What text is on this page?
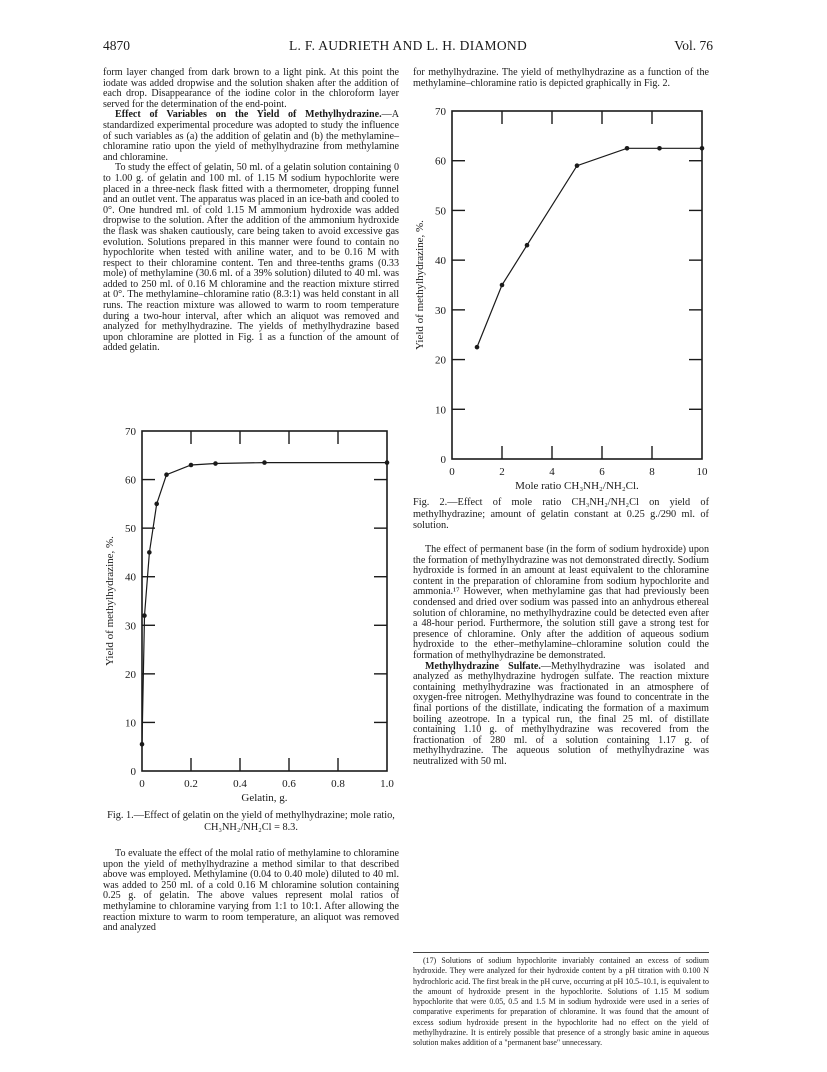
4870	L. F. AUDRIETH AND L. H. DIAMOND	Vol. 76

form layer changed from dark brown to a light pink. At this point the iodate was added dropwise and the solution shaken after the addition of each drop. Disappearance of the iodine color in the chloroform layer served for the determination of the end-point.

Effect of Variables on the Yield of Methylhydrazine.—A standardized experimental procedure was adopted to study the influence of such variables as (a) the addition of gelatin and (b) the methylamine–chloramine ratio upon the yield of methylhydrazine from methylamine and chloramine.

To study the effect of gelatin, 50 ml. of a gelatin solution containing 0 to 1.00 g. of gelatin and 100 ml. of 1.15 M sodium hypochlorite were placed in a three-neck flask fitted with a thermometer, dropping funnel and an outlet vent. The apparatus was placed in an ice-bath and cooled to 0°. One hundred ml. of cold 1.15 M ammonium hydroxide was added dropwise to the solution. After the addition of the ammonium hydroxide the flask was shaken cautiously, care being taken to avoid excessive gas evolution. Solutions prepared in this manner were found to contain no hypochlorite when tested with aniline water, and to be 0.16 M with respect to their chloramine content. Ten and three-tenths grams (0.33 mole) of methylamine (30.6 ml. of a 39% solution) diluted to 40 ml. was added to 250 ml. of 0.16 M chloramine and the reaction mixture stirred at 0°. The methylamine–chloramine ratio (8.3:1) was held constant in all runs. The reaction mixture was allowed to warm to room temperature during a two-hour interval, after which an aliquot was removed and analyzed for methylhydrazine. The yields of methylhydrazine based upon chloramine are plotted in Fig. 1 as a function of the amount of added gelatin.

0	0.2	0.4	0.6	0.8	1.0
0
10
20
30
40
50
60
70
Gelatin, g.
Yield of methylhydrazine, %.
Fig. 1.—Effect of gelatin on the yield of methylhydrazine; mole ratio, CH₃NH₂/NH₂Cl = 8.3.

To evaluate the effect of the molal ratio of methylamine to chloramine upon the yield of methylhydrazine a method similar to that described above was employed. Methylamine (0.04 to 0.40 mole) diluted to 40 ml. was added to 250 ml. of a cold 0.16 M chloramine solution containing 0.25 g. of gelatin. The above values represent molal ratios of methylamine to chloramine varying from 1:1 to 10:1. After allowing the reaction mixture to warm to room temperature, an aliquot was removed and analyzed

for methylhydrazine. The yield of methylhydrazine as a function of the methylamine–chloramine ratio is depicted graphically in Fig. 2.

0	2	4	6	8	10
0
10
20
30
40
50
60
70
Mole ratio CH₃NH₂/NH₂Cl.
Yield of methylhydrazine, %.
Fig. 2.—Effect of mole ratio CH₃NH₂/NH₂Cl on yield of methylhydrazine; amount of gelatin constant at 0.25 g./290 ml. of solution.

The effect of permanent base (in the form of sodium hydroxide) upon the formation of methylhydrazine was not demonstrated directly. Sodium hydroxide is formed in an amount at least equivalent to the chloramine content in the preparation of chloramine from sodium hypochlorite and ammonia.¹⁷ However, when methylamine gas that had previously been condensed and dried over sodium was passed into an anhydrous ethereal solution of chloramine, no methylhydrazine could be detected even after a 48-hour period. Furthermore, the solution still gave a strong test for presence of chloramine. Only after the addition of aqueous sodium hydroxide to the ether–methylamine–chloramine solution could the formation of methylhydrazine be demonstrated.

Methylhydrazine Sulfate.—Methylhydrazine was isolated and analyzed as methylhydrazine hydrogen sulfate. The reaction mixture containing methylhydrazine was fractionated in an atmosphere of oxygen-free nitrogen. Methylhydrazine was found to concentrate in the final portions of the distillate, indicating the formation of a maximum boiling azeotrope. In a typical run, the final 25 ml. of distillate containing 1.10 g. of methylhydrazine was recovered from the fractionation of 280 ml. of a solution containing 1.17 g. of methylhydrazine. The aqueous solution of methylhydrazine was neutralized with 50 ml.

(17) Solutions of sodium hypochlorite invariably contained an excess of sodium hydroxide. They were analyzed for their hydroxide content by a pH titration with 0.100 N hydrochloric acid. The first break in the pH curve, occurring at pH 10.5–10.1, is equivalent to the amount of hydroxide present in the hypochlorite. Solutions of 1.15 M sodium hypochlorite that were 0.05, 0.5 and 1.5 M in sodium hydroxide were used in a series of comparative experiments for preparation of chloramine. It was found that the amount of excess sodium hydroxide present in the hypochlorite had no effect on the yield of methylhydrazine. It is entirely possible that presence of a strongly basic amine in aqueous solution makes addition of a "permanent base" unnecessary.
